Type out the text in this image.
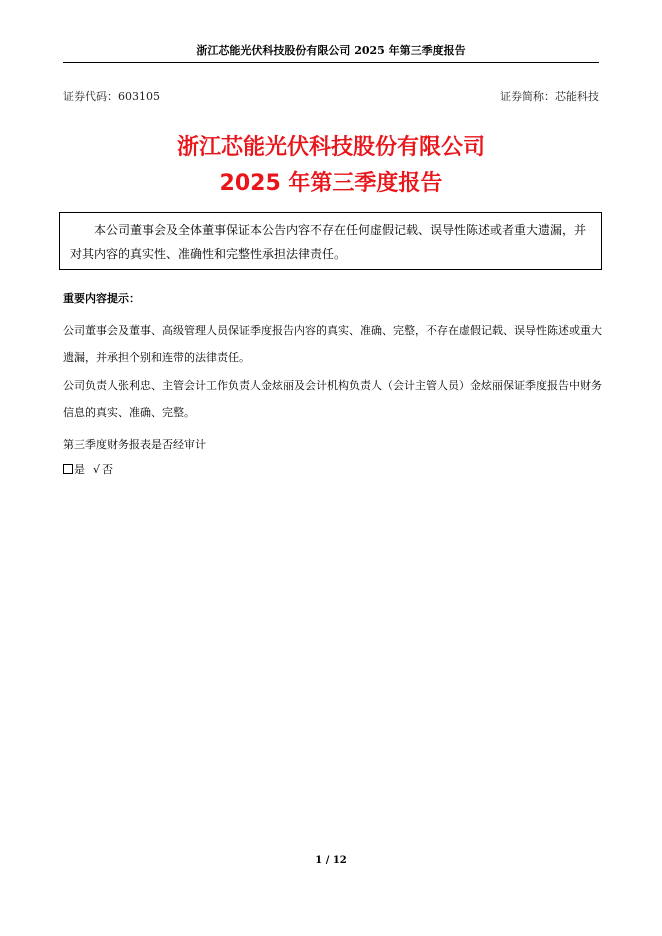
浙江芯能光伏科技股份有限公司 2025 年第三季度报告
证券代码：603105	证券简称：芯能科技
浙江芯能光伏科技股份有限公司
2025 年第三季度报告

本公司董事会及全体董事保证本公告内容不存在任何虚假记载、误导性陈述或者重大遗漏，并对其内容的真实性、准确性和完整性承担法律责任。

重要内容提示：

公司董事会及董事、高级管理人员保证季度报告内容的真实、准确、完整，不存在虚假记载、误导性陈述或重大遗漏，并承担个别和连带的法律责任。

公司负责人张利忠、主管会计工作负责人金炫丽及会计机构负责人（会计主管人员）金炫丽保证季度报告中财务信息的真实、准确、完整。

第三季度财务报表是否经审计
是 √ 否
1 / 12
